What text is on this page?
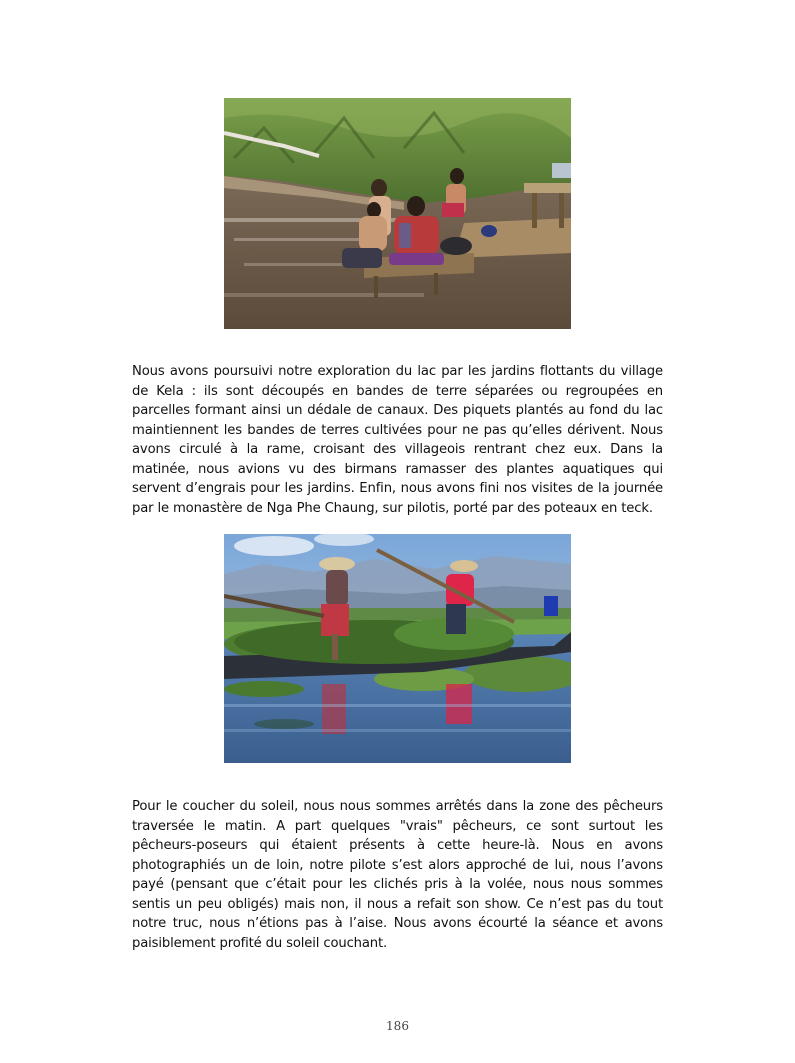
Nous avons poursuivi notre exploration du lac par les jardins flottants du village de Kela : ils sont découpés en bandes de terre séparées ou regroupées en parcelles formant ainsi un dédale de canaux. Des piquets plantés au fond du lac maintiennent les bandes de terres cultivées pour ne pas qu’elles dérivent. Nous avons circulé à la rame, croisant des villageois rentrant chez eux. Dans la matinée, nous avions vu des birmans ramasser des plantes aquatiques qui servent d’engrais pour les jardins. Enfin, nous avons fini nos visites de la journée par le monastère de Nga Phe Chaung, sur pilotis, porté par des poteaux en teck.

Pour le coucher du soleil, nous nous sommes arrêtés dans la zone des pêcheurs traversée le matin. A part quelques "vrais" pêcheurs, ce sont surtout les pêcheurs-poseurs qui étaient présents à cette heure-là. Nous en avons photographiés un de loin, notre pilote s’est alors approché de lui, nous l’avons payé (pensant que c’était pour les clichés pris à la volée, nous nous sommes sentis un peu obligés) mais non, il nous a refait son show. Ce n’est pas du tout notre truc, nous n’étions pas à l’aise. Nous avons écourté la séance et avons paisiblement profité du soleil couchant.

186
